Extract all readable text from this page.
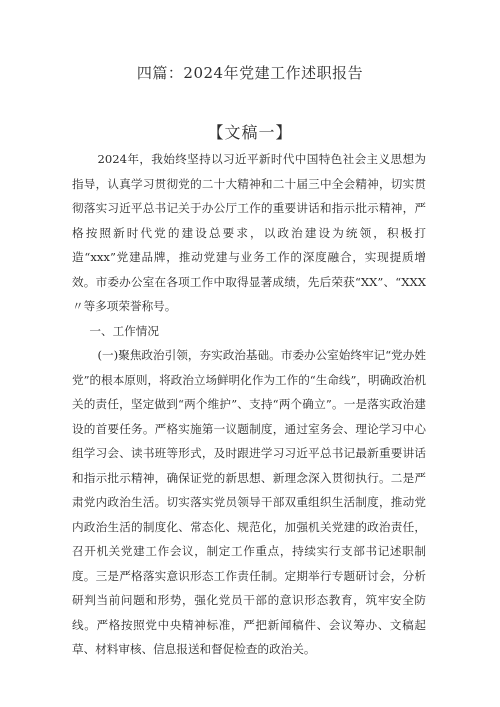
四篇：2024年党建工作述职报告
【文稿一】

2024年，我始终坚持以习近平新时代中国特色社会主义思想为指导，认真学习贯彻党的二十大精神和二十届三中全会精神，切实贯彻落实习近平总书记关于办公厅工作的重要讲话和指示批示精神，严格按照新时代党的建设总要求，以政治建设为统领，积极打造“xxx”党建品牌，推动党建与业务工作的深度融合，实现提质增效。市委办公室在各项工作中取得显著成绩，先后荣获“XX”、“XXX〃等多项荣誉称号。

一、工作情况

(一)聚焦政治引领，夯实政治基础。市委办公室始终牢记“党办姓党”的根本原则，将政治立场鲜明化作为工作的“生命线”，明确政治机关的责任，坚定做到“两个维护”、支持“两个确立”。一是落实政治建设的首要任务。严格实施第一议题制度，通过室务会、理论学习中心组学习会、读书班等形式，及时跟进学习习近平总书记最新重要讲话和指示批示精神，确保证党的新思想、新理念深入贯彻执行。二是严肃党内政治生活。切实落实党员领导干部双重组织生活制度，推动党内政治生活的制度化、常态化、规范化，加强机关党建的政治责任，召开机关党建工作会议，制定工作重点，持续实行支部书记述职制度。三是严格落实意识形态工作责任制。定期举行专题研讨会，分析研判当前问题和形势，强化党员干部的意识形态教育，筑牢安全防线。严格按照党中央精神标准，严把新闻稿件、会议筹办、文稿起草、材料审核、信息报送和督促检查的政治关。
